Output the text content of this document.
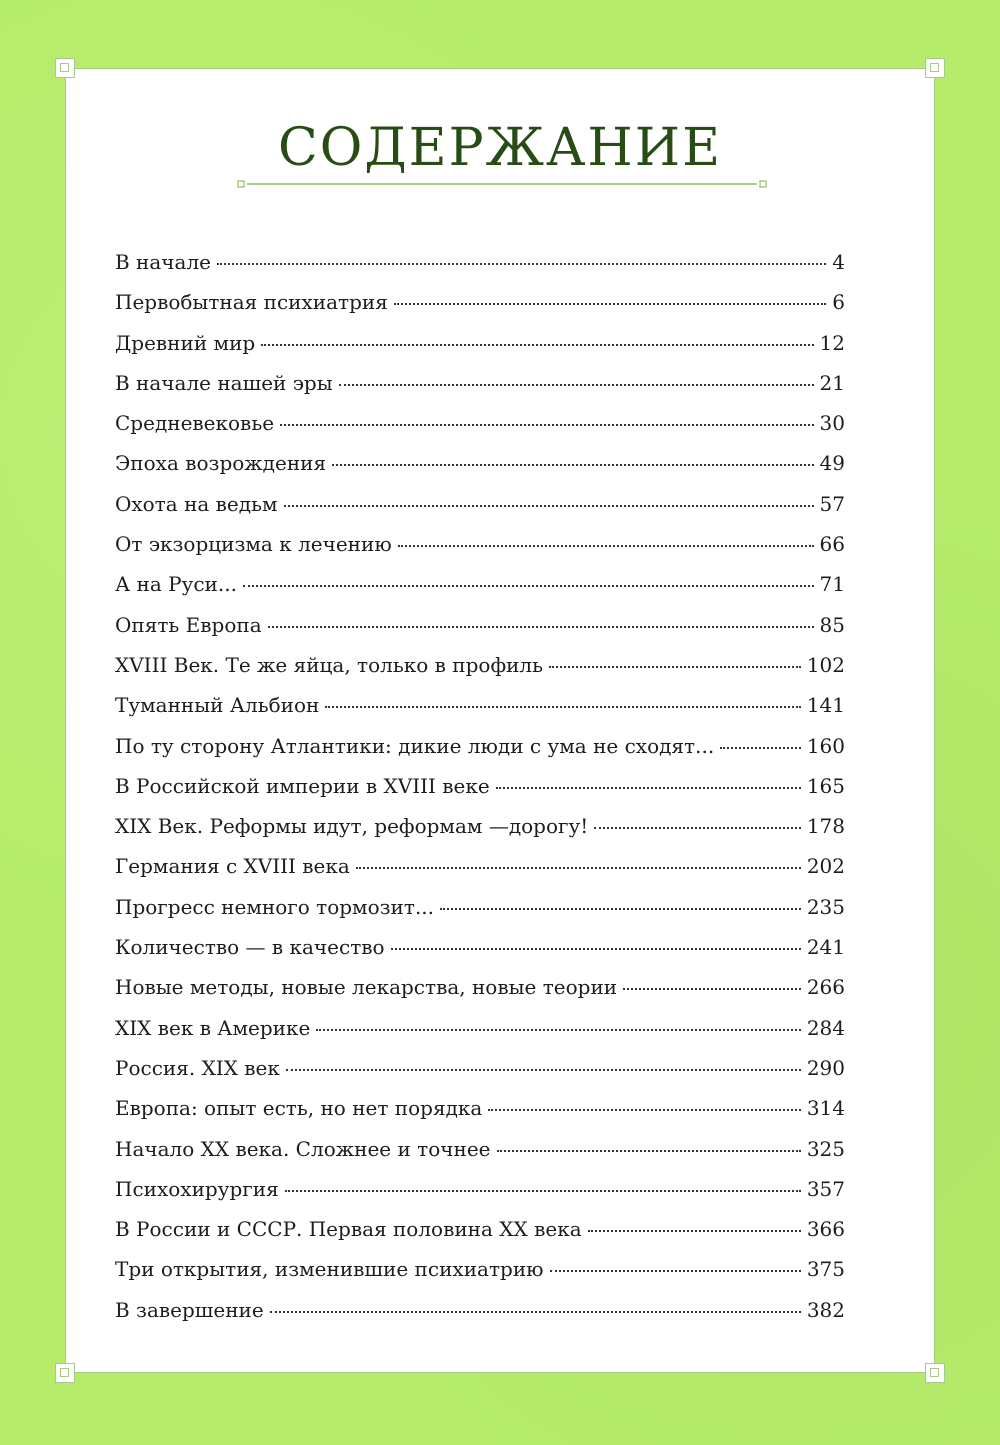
СОДЕРЖАНИЕ
В начале	4
Первобытная психиатрия	6
Древний мир	12
В начале нашей эры	21
Средневековье	30
Эпоха возрождения	49
Охота на ведьм	57
От экзорцизма к лечению	66
А на Руси...	71
Опять Европа	85
XVIII Век. Те же яйца, только в профиль	102
Туманный Альбион	141
По ту сторону Атлантики: дикие люди с ума не сходят...	160
В Российской империи в XVIII веке	165
XIX Век. Реформы идут, реформам —дорогу!	178
Германия с XVIII века	202
Прогресс немного тормозит...	235
Количество — в качество	241
Новые методы, новые лекарства, новые теории	266
XIX век в Америке	284
Россия. XIX век	290
Европа: опыт есть, но нет порядка	314
Начало XX века. Сложнее и точнее	325
Психохирургия	357
В России и СССР. Первая половина XX века	366
Три открытия, изменившие психиатрию	375
В завершение	382
